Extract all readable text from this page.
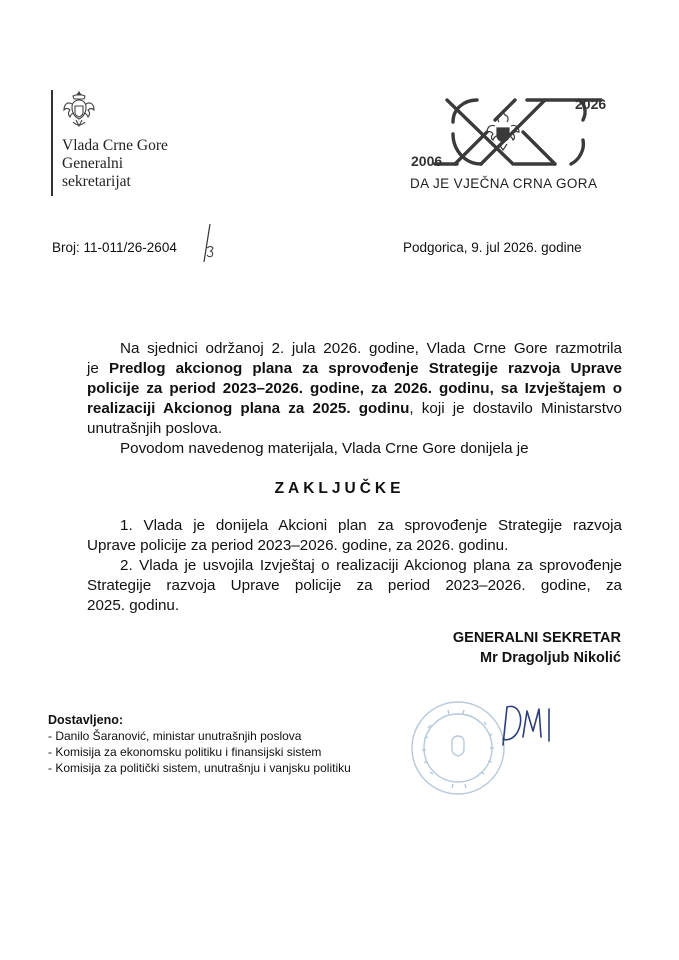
Vlada Crne Gore
Generalni
sekretarijat
2006
2026
DA JE VJEČNA CRNA GORA
Broj: 11-011/26-2604	Podgorica, 9. jul 2026. godine
Na sjednici održanoj 2. jula 2026. godine, Vlada Crne Gore razmotrila
je Predlog akcionog plana za sprovođenje Strategije razvoja Uprave
policije za period 2023–2026. godine, za 2026. godinu, sa Izvještajem o
realizaciji Akcionog plana za 2025. godinu, koji je dostavilo Ministarstvo
unutrašnjih poslova.
Povodom navedenog materijala, Vlada Crne Gore donijela je
ZAKLJUČKE
1. Vlada je donijela Akcioni plan za sprovođenje Strategije razvoja
Uprave policije za period 2023–2026. godine, za 2026. godinu.
2. Vlada je usvojila Izvještaj o realizaciji Akcionog plana za sprovođenje
Strategije razvoja Uprave policije za period 2023–2026. godine, za
2025. godinu.
GENERALNI SEKRETAR
Mr Dragoljub Nikolić
Dostavljeno:
- Danilo Šaranović, ministar unutrašnjih poslova
- Komisija za ekonomsku politiku i finansijski sistem
- Komisija za politički sistem, unutrašnju i vanjsku politiku
